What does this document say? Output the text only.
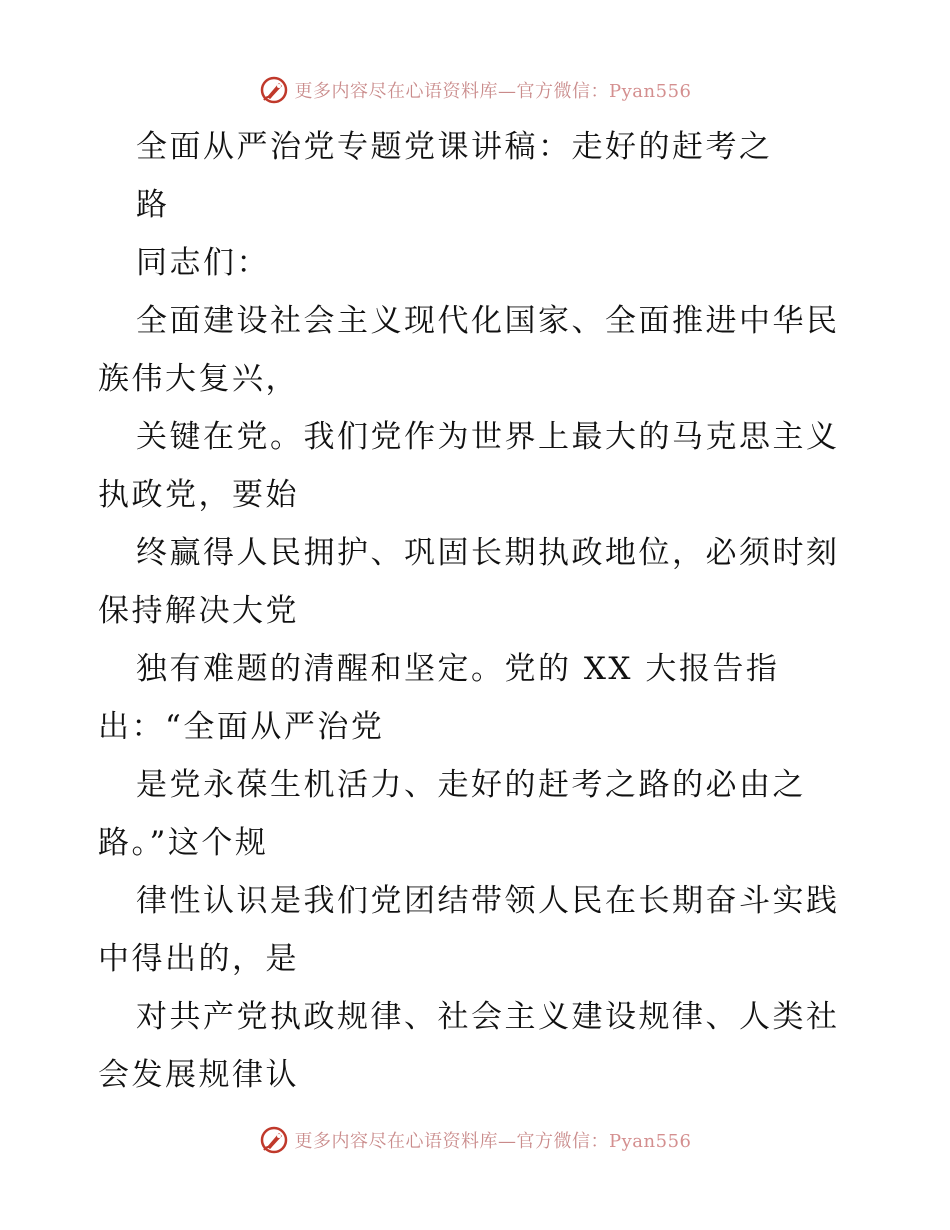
更多内容尽在心语资料库—官方微信：Pyan556
全面从严治党专题党课讲稿：走好的赶考之
路
同志们：
全面建设社会主义现代化国家、全面推进中华民
族伟大复兴，
关键在党。我们党作为世界上最大的马克思主义
执政党，要始
终赢得人民拥护、巩固长期执政地位，必须时刻
保持解决大党
独有难题的清醒和坚定。党的 XX 大报告指
出：“全面从严治党
是党永葆生机活力、走好的赶考之路的必由之
路。”这个规
律性认识是我们党团结带领人民在长期奋斗实践
中得出的，是
对共产党执政规律、社会主义建设规律、人类社
会发展规律认
更多内容尽在心语资料库—官方微信：Pyan556
